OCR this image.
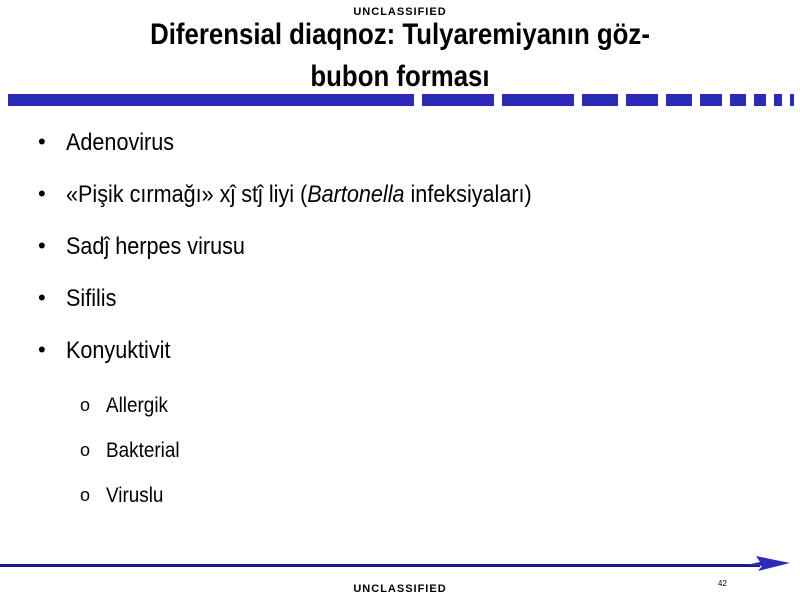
UNCLASSIFIED
Diferensial diaqnoz: Tulyaremiyanın göz-
bubon forması
• Adenovirus
• «Pişik cırmağı» xĵ stĵ liyi (Bartonella infeksiyaları)
• Sadĵ herpes virusu
• Sifilis
• Konyuktivit
o Allergik
o Bakterial
o Viruslu
42
UNCLASSIFIED
